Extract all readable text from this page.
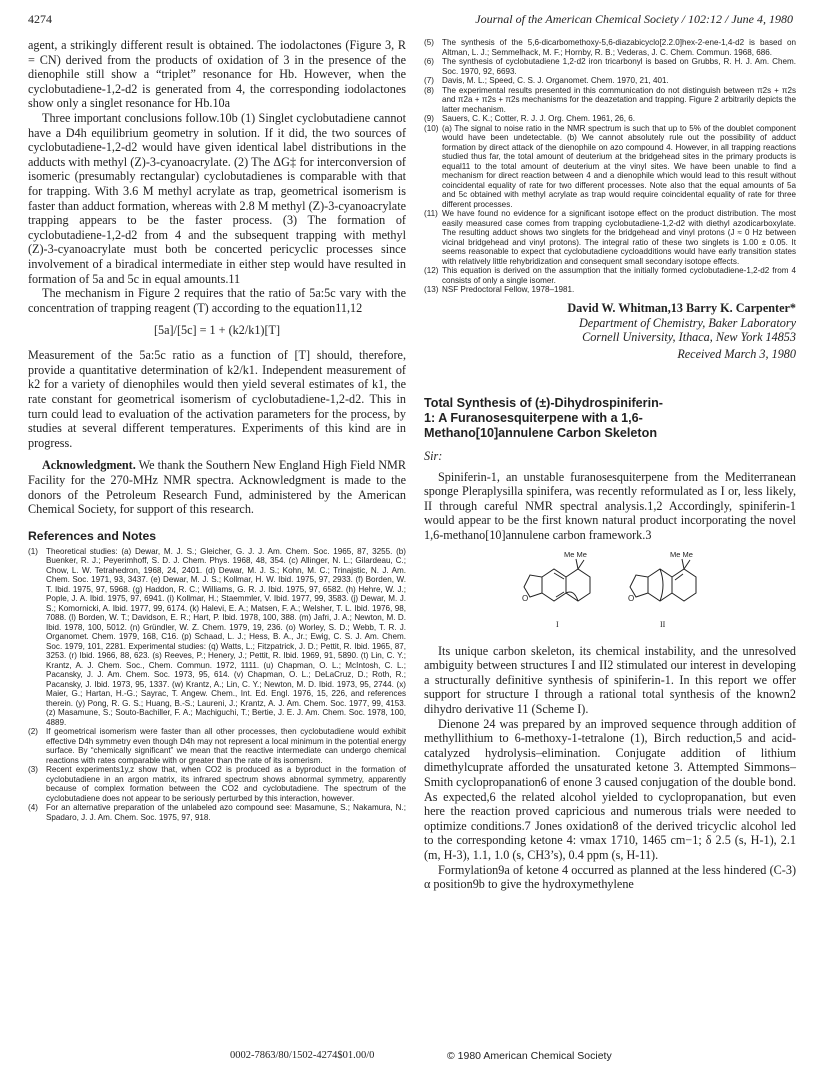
4274	Journal of the American Chemical Society / 102:12 / June 4, 1980

agent, a strikingly different result is obtained. The iodolactones (Figure 3, R = CN) derived from the products of oxidation of 3 in the presence of the dienophile still show a “triplet” resonance for Hb. However, when the cyclobutadiene-1,2-d2 is generated from 4, the corresponding iodolactones show only a singlet resonance for Hb.10a

Three important conclusions follow.10b (1) Singlet cyclobutadiene cannot have a D4h equilibrium geometry in solution. If it did, the two sources of cyclobutadiene-1,2-d2 would have given identical label distributions in the adducts with methyl (Z)-3-cyanoacrylate. (2) The ΔG‡ for interconversion of isomeric (presumably rectangular) cyclobutadienes is comparable with that for trapping. With 3.6 M methyl acrylate as trap, geometrical isomerism is faster than adduct formation, whereas with 2.8 M methyl (Z)-3-cyanoacrylate trapping appears to be the faster process. (3) The formation of cyclobutadiene-1,2-d2 from 4 and the subsequent trapping with methyl (Z)-3-cyanoacrylate must both be concerted pericyclic processes since involvement of a biradical intermediate in either step would have resulted in formation of 5a and 5c in equal amounts.11

The mechanism in Figure 2 requires that the ratio of 5a:5c vary with the concentration of trapping reagent (T) according to the equation11,12

[5a]/[5c] = 1 + (k2/k1)[T]

Measurement of the 5a:5c ratio as a function of [T] should, therefore, provide a quantitative determination of k2/k1. Independent measurement of k2 for a variety of dienophiles would then yield several estimates of k1, the rate constant for geometrical isomerism of cyclobutadiene-1,2-d2. This in turn could lead to evaluation of the activation parameters for the process, by studies at several different temperatures. Experiments of this kind are in progress.

Acknowledgment. We thank the Southern New England High Field NMR Facility for the 270-MHz NMR spectra. Acknowledgment is made to the donors of the Petroleum Research Fund, administered by the American Chemical Society, for support of this research.

References and Notes
(1) Theoretical studies: (a) Dewar, M. J. S.; Gleicher, G. J. J. Am. Chem. Soc. 1965, 87, 3255. (b) Buenker, R. J.; Peyerimhoff, S. D. J. Chem. Phys. 1968, 48, 354. (c) Allinger, N. L.; Gilardeau, C.; Chow, L. W. Tetrahedron, 1968, 24, 2401. (d) Dewar, M. J. S.; Kohn, M. C.; Trinajstic, N. J. Am. Chem. Soc. 1971, 93, 3437. (e) Dewar, M. J. S.; Kollmar, H. W. Ibid. 1975, 97, 2933. (f) Borden, W. T. Ibid. 1975, 97, 5968. (g) Haddon, R. C.; Williams, G. R. J. Ibid. 1975, 97, 6582. (h) Hehre, W. J.; Pople, J. A. Ibid. 1975, 97, 6941. (i) Kollmar, H.; Staemmler, V. Ibid. 1977, 99, 3583. (j) Dewar, M. J. S.; Komornicki, A. Ibid. 1977, 99, 6174. (k) Halevi, E. A.; Matsen, F. A.; Welsher, T. L. Ibid. 1976, 98, 7088. (l) Borden, W. T.; Davidson, E. R.; Hart, P. Ibid. 1978, 100, 388. (m) Jafri, J. A.; Newton, M. D. Ibid. 1978, 100, 5012. (n) Gründler, W. Z. Chem. 1979, 19, 236. (o) Worley, S. D.; Webb, T. R. J. Organomet. Chem. 1979, 168, C16. (p) Schaad, L. J.; Hess, B. A., Jr.; Ewig, C. S. J. Am. Chem. Soc. 1979, 101, 2281. Experimental studies: (q) Watts, L.; Fitzpatrick, J. D.; Pettit, R. Ibid. 1965, 87, 3253. (r) Ibid. 1966, 88, 623. (s) Reeves, P.; Henery, J.; Pettit, R. Ibid. 1969, 91, 5890. (t) Lin, C. Y.; Krantz, A. J. Chem. Soc., Chem. Commun. 1972, 1111. (u) Chapman, O. L.; McIntosh, C. L.; Pacansky, J. J. Am. Chem. Soc. 1973, 95, 614. (v) Chapman, O. L.; DeLaCruz, D.; Roth, R.; Pacansky, J. Ibid. 1973, 95, 1337. (w) Krantz, A.; Lin, C. Y.; Newton, M. D. Ibid. 1973, 95, 2744. (x) Maier, G.; Hartan, H.-G.; Sayrac, T. Angew. Chem., Int. Ed. Engl. 1976, 15, 226, and references therein. (y) Pong, R. G. S.; Huang, B.-S.; Laureni, J.; Krantz, A. J. Am. Chem. Soc. 1977, 99, 4153. (z) Masamune, S.; Souto-Bachiller, F. A.; Machiguchi, T.; Bertie, J. E. J. Am. Chem. Soc. 1978, 100, 4889.
(2) If geometrical isomerism were faster than all other processes, then cyclobutadiene would exhibit effective D4h symmetry even though D4h may not represent a local minimum in the potential energy surface. By “chemically significant” we mean that the reactive intermediate can undergo chemical reactions with rates comparable with or greater than the rate of its isomerism.
(3) Recent experiments1y,z show that, when CO2 is produced as a byproduct in the formation of cyclobutadiene in an argon matrix, its infrared spectrum shows abnormal symmetry, apparently because of complex formation between the CO2 and cyclobutadiene. The spectrum of the cyclobutadiene does not appear to be seriously perturbed by this interaction, however.
(4) For an alternative preparation of the unlabeled azo compound see: Masamune, S.; Nakamura, N.; Spadaro, J. J. Am. Chem. Soc. 1975, 97, 918.
(5) The synthesis of the 5,6-dicarbomethoxy-5,6-diazabicyclo[2.2.0]hex-2-ene-1,4-d2 is based on Altman, L. J.; Semmelhack, M. F.; Hornby, R. B.; Vederas, J. C. Chem. Commun. 1968, 686.
(6) The synthesis of cyclobutadiene 1,2-d2 iron tricarbonyl is based on Grubbs, R. H. J. Am. Chem. Soc. 1970, 92, 6693.
(7) Davis, M. L.; Speed, C. S. J. Organomet. Chem. 1970, 21, 401.
(8) The experimental results presented in this communication do not distinguish between π2s + π2s and π2a + π2s + π2s mechanisms for the deazetation and trapping. Figure 2 arbitrarily depicts the latter mechanism.
(9) Sauers, C. K.; Cotter, R. J. J. Org. Chem. 1961, 26, 6.
(10) (a) The signal to noise ratio in the NMR spectrum is such that up to 5% of the doublet component would have been undetectable. (b) We cannot absolutely rule out the possibility of adduct formation by direct attack of the dienophile on azo compound 4. However, in all trapping reactions studied thus far, the total amount of deuterium at the bridgehead sites in the primary products is equal11 to the total amount of deuterium at the vinyl sites. We have been unable to find a mechanism for direct reaction between 4 and a dienophile which would lead to this result without coincidental equality of rate for two different processes. Note also that the equal amounts of 5a and 5c obtained with methyl acrylate as trap would require coincidental equality of rate for three different processes.
(11) We have found no evidence for a significant isotope effect on the product distribution. The most easily measured case comes from trapping cyclobutadiene-1,2-d2 with diethyl azodicarboxylate. The resulting adduct shows two singlets for the bridgehead and vinyl protons (J ≈ 0 Hz between vicinal bridgehead and vinyl protons). The integral ratio of these two singlets is 1.00 ± 0.05. It seems reasonable to expect that cyclobutadiene cycloadditions would have early transition states with relatively little rehybridization and consequent small secondary isotope effects.
(12) This equation is derived on the assumption that the initially formed cyclobutadiene-1,2-d2 from 4 consists of only a single isomer.
(13) NSF Predoctoral Fellow, 1978–1981.
David W. Whitman,13 Barry K. Carpenter*
Department of Chemistry, Baker Laboratory
Cornell University, Ithaca, New York 14853
Received March 3, 1980
Total Synthesis of (±)-Dihydrospiniferin-1: A Furanosesquiterpene with a 1,6-Methano[10]annulene Carbon Skeleton
Sir:

Spiniferin-1, an unstable furanosesquiterpene from the Mediterranean sponge Pleraplysilla spinifera, was recently reformulated as I or, less likely, II through careful NMR spectral analysis.1,2 Accordingly, spiniferin-1 would appear to be the first known natural product incorporating the novel 1,6-methano[10]annulene carbon framework.3

O
Me Me
I
O
Me Me
II

Its unique carbon skeleton, its chemical instability, and the unresolved ambiguity between structures I and II2 stimulated our interest in developing a structurally definitive synthesis of spiniferin-1. In this report we offer support for structure I through a rational total synthesis of the known2 dihydro derivative 11 (Scheme I).

Dienone 24 was prepared by an improved sequence through addition of methyllithium to 6-methoxy-1-tetralone (1), Birch reduction,5 and acid-catalyzed hydrolysis–elimination. Conjugate addition of lithium dimethylcuprate afforded the unsaturated ketone 3. Attempted Simmons–Smith cyclopropanation6 of enone 3 caused conjugation of the double bond. As expected,6 the related alcohol yielded to cyclopropanation, but even here the reaction proved capricious and numerous trials were needed to optimize conditions.7 Jones oxidation8 of the derived tricyclic alcohol led to the corresponding ketone 4: νmax 1710, 1465 cm−1; δ 2.5 (s, H-1), 2.1 (m, H-3), 1.1, 1.0 (s, CH3’s), 0.4 ppm (s, H-11).

Formylation9a of ketone 4 occurred as planned at the less hindered (C-3) α position9b to give the hydroxymethylene

0002-7863/80/1502-4274$01.00/0	© 1980 American Chemical Society
